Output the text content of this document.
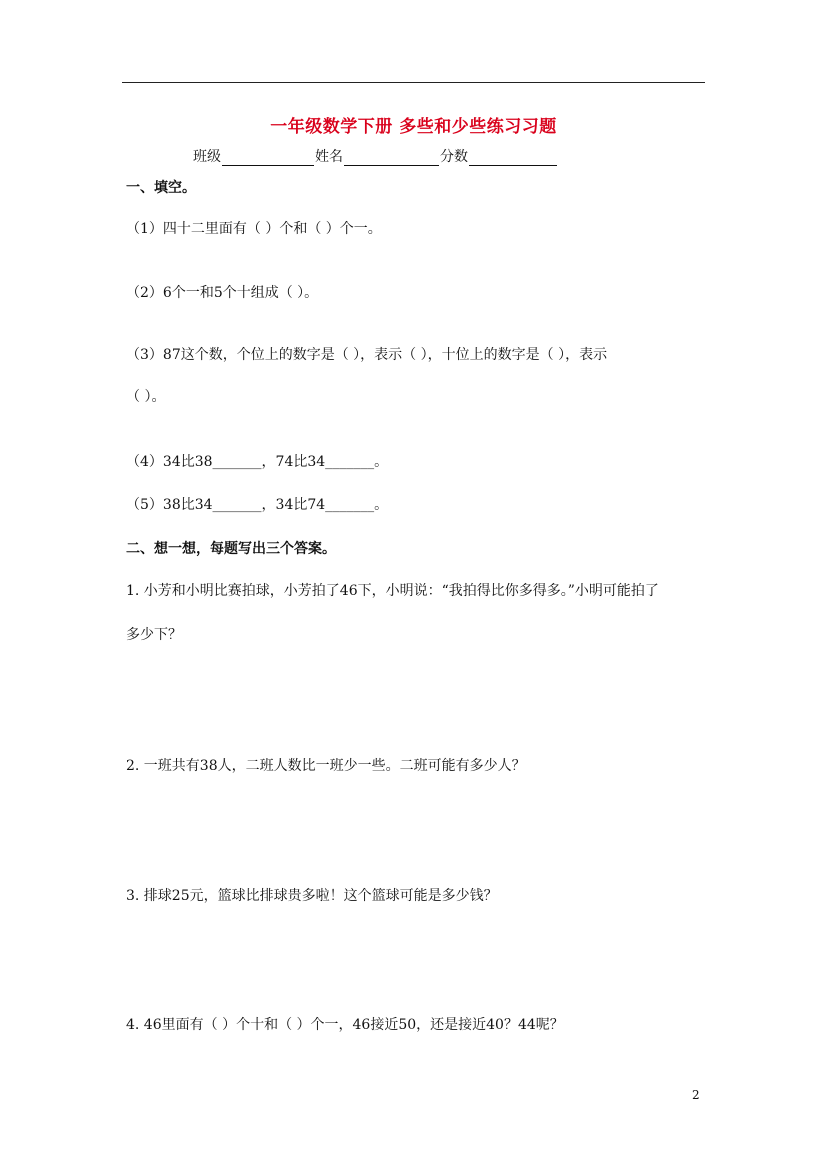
一年级数学下册 多些和少些练习习题
班级	姓名	分数
一、填空。
（1）四十二里面有（ ）个和（ ）个一。
（2）6个一和5个十组成（ ）。
（3）87这个数，个位上的数字是（ ），表示（ ），十位上的数字是（ ），表示
（ ）。
（4）34比38_______，74比34_______。
（5）38比34_______，34比74_______。
二、想一想，每题写出三个答案。
1. 小芳和小明比赛拍球，小芳拍了46下，小明说：“我拍得比你多得多。”小明可能拍了
多少下？
2. 一班共有38人，二班人数比一班少一些。二班可能有多少人？
3. 排球25元，篮球比排球贵多啦！这个篮球可能是多少钱？
4. 46里面有（ ）个十和（ ）个一，46接近50，还是接近40？44呢？
2
